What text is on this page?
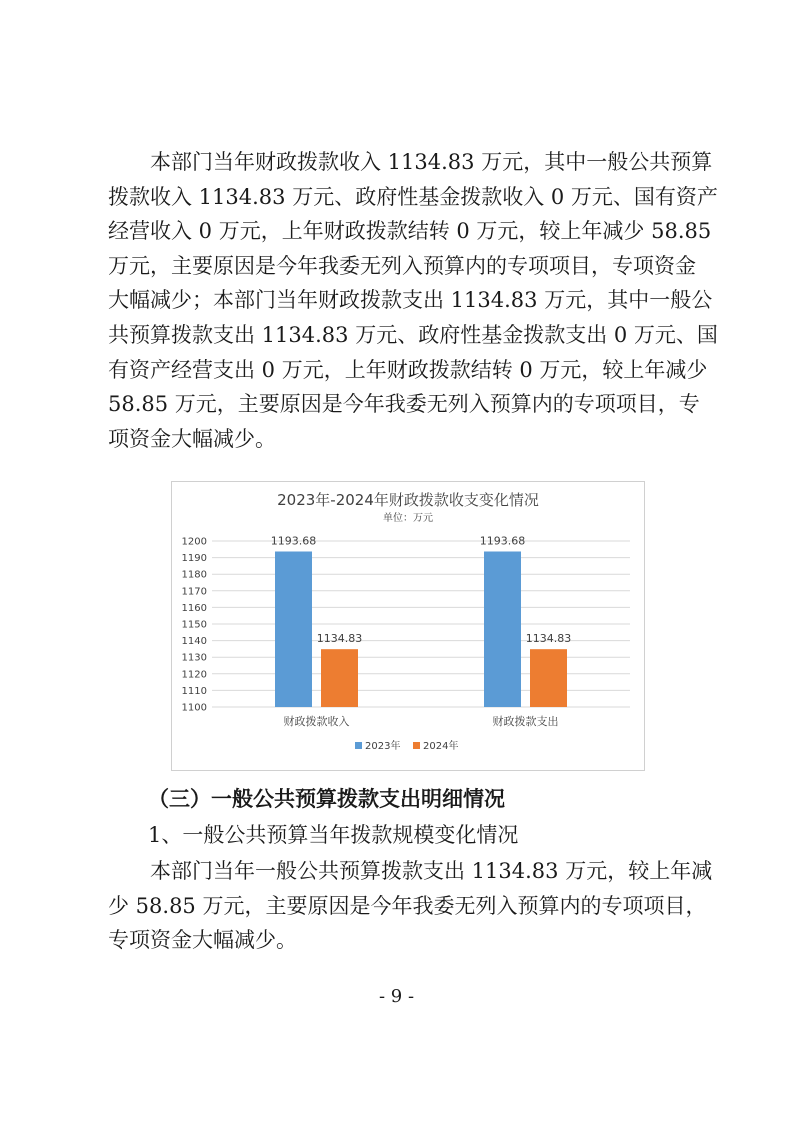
本部门当年财政拨款收入 1134.83 万元，其中一般公共预算
拨款收入 1134.83 万元、政府性基金拨款收入 0 万元、国有资产
经营收入 0 万元，上年财政拨款结转 0 万元，较上年减少 58.85
万元，主要原因是今年我委无列入预算内的专项项目，专项资金
大幅减少；本部门当年财政拨款支出 1134.83 万元，其中一般公
共预算拨款支出 1134.83 万元、政府性基金拨款支出 0 万元、国
有资产经营支出 0 万元，上年财政拨款结转 0 万元，较上年减少
58.85 万元，主要原因是今年我委无列入预算内的专项项目，专
项资金大幅减少。
2023年-2024年财政拨款收支变化情况
单位：万元
1100
1110
1120
1130
1140
1150
1160
1170
1180
1190
1200	1193.68
1134.83
财政拨款收入
1193.68
1134.83
财政拨款支出
2023年 2024年
（三）一般公共预算拨款支出明细情况
1、一般公共预算当年拨款规模变化情况
本部门当年一般公共预算拨款支出 1134.83 万元，较上年减
少 58.85 万元，主要原因是今年我委无列入预算内的专项项目，
专项资金大幅减少。
- 9 -
